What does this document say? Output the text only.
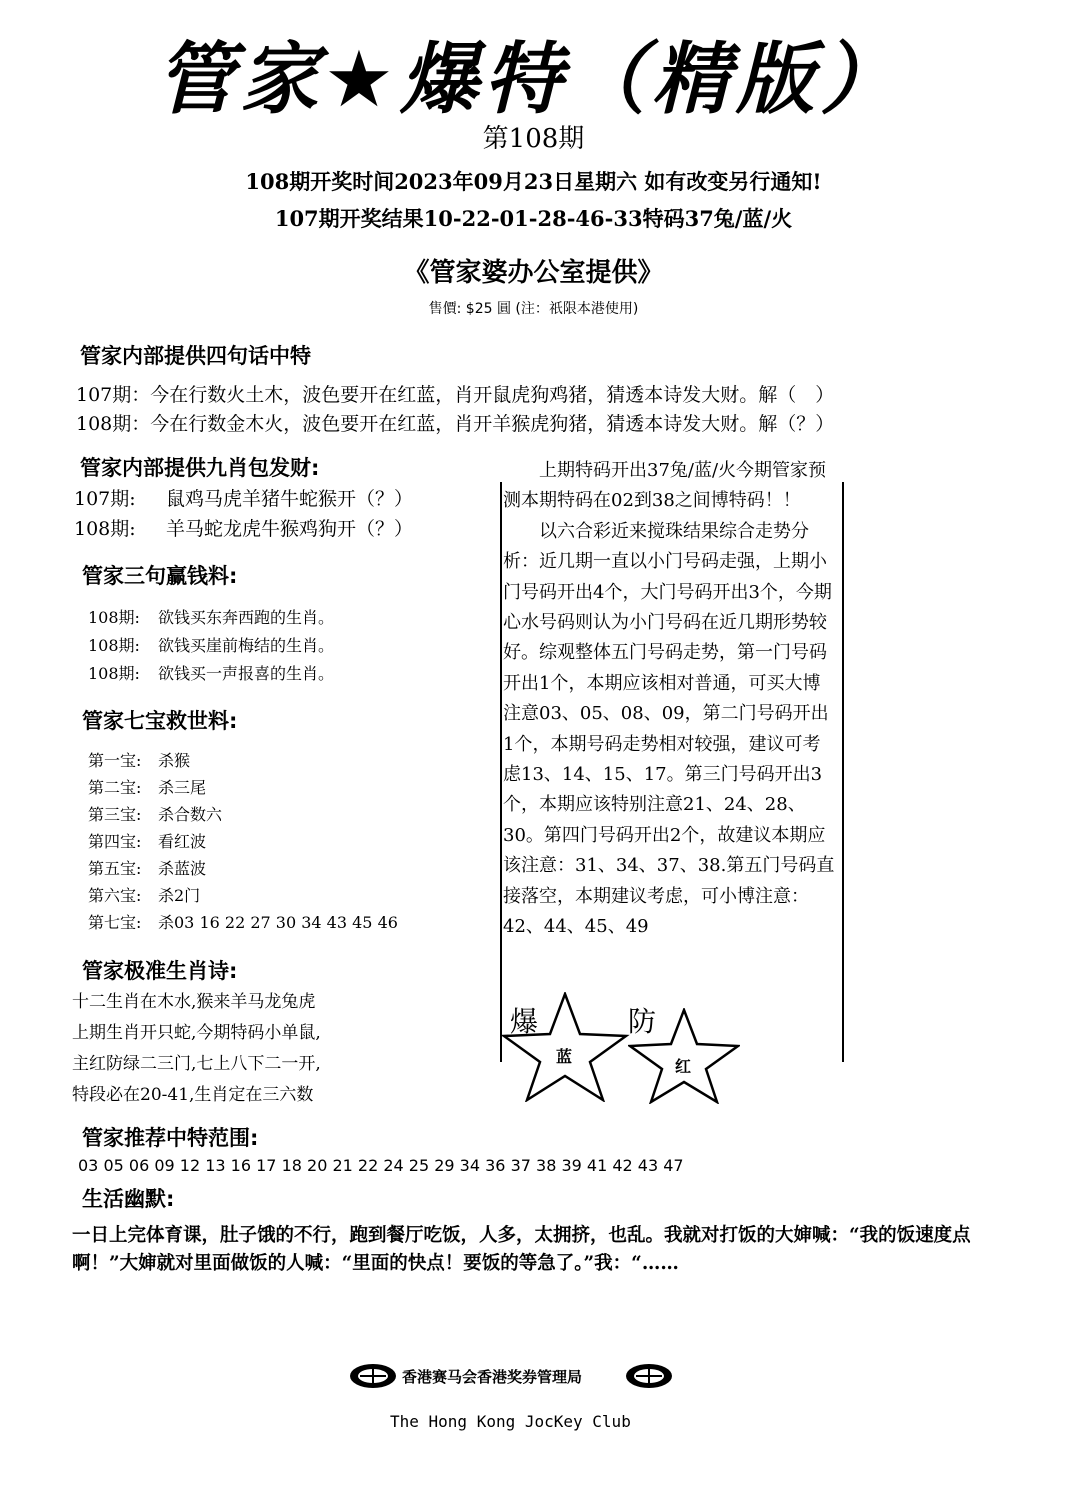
管家★爆特（精版）
第108期
108期开奖时间2023年09月23日星期六 如有改变另行通知!
107期开奖结果10-22-01-28-46-33特码37兔/蓝/火
《管家婆办公室提供》
售價: $25 圓 (注：祇限本港使用)
管家内部提供四句话中特
107期：今在行数火土木，波色要开在红蓝，肖开鼠虎狗鸡猪，猜透本诗发大财。解（　）
108期：今在行数金木火，波色要开在红蓝，肖开羊猴虎狗猪，猜透本诗发大财。解（？）
管家内部提供九肖包发财:
107期: 鼠鸡马虎羊猪牛蛇猴开（？）
108期: 羊马蛇龙虎牛猴鸡狗开（？）
管家三句赢钱料:
108期: 欲钱买东奔西跑的生肖。
108期: 欲钱买崖前梅结的生肖。
108期: 欲钱买一声报喜的生肖。
管家七宝救世料:
第一宝: 杀猴
第二宝: 杀三尾
第三宝: 杀合数六
第四宝: 看红波
第五宝: 杀蓝波
第六宝: 杀2门
第七宝: 杀03 16 22 27 30 34 43 45 46
管家极准生肖诗:
十二生肖在木水,猴来羊马龙兔虎
上期生肖开只蛇,今期特码小单鼠,
主红防绿二三门,七上八下二一开,
特段必在20-41,生肖定在三六数

上期特码开出37兔/蓝/火今期管家预测本期特码在02到38之间博特码！！

以六合彩近来搅珠结果综合走势分析：近几期一直以小门号码走强，上期小门号码开出4个，大门号码开出3个，今期心水号码则认为小门号码在近几期形势较好。综观整体五门号码走势，第一门号码开出1个，本期应该相对普通，可买大博注意03、05、08、09，第二门号码开出1个，本期号码走势相对较强，建议可考虑13、14、15、17。第三门号码开出3个，本期应该特别注意21、24、28、30。第四门号码开出2个，故建议本期应该注意：31、34、37、38.第五门号码直接落空，本期建议考虑，可小博注意：42、44、45、49

爆	防
蓝
红
管家推荐中特范围:
03 05 06 09 12 13 16 17 18 20 21 22 24 25 29 34 36 37 38 39 41 42 43 47
生活幽默:
一日上完体育课，肚子饿的不行，跑到餐厅吃饭，人多，太拥挤，也乱。我就对打饭的大婶喊：“我的饭速度点啊！”大婶就对里面做饭的人喊：“里面的快点！要饭的等急了。”我：“……
香港赛马会香港奖券管理局
The Hong Kong JocKey Club
